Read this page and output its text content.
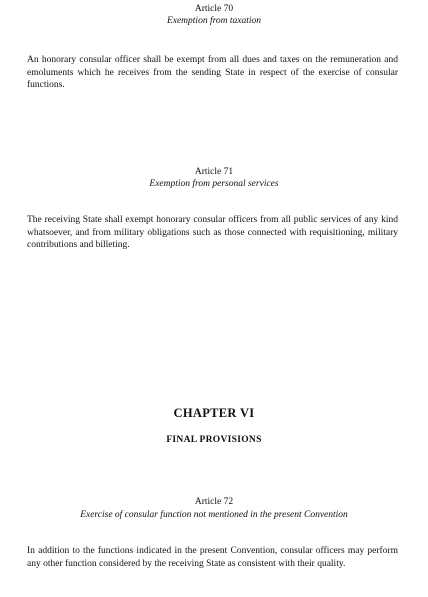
Article 70
Exemption from taxation

An honorary consular officer shall be exempt from all dues and taxes on the remuneration and emoluments which he receives from the sending State in respect of the exercise of consular functions.

Article 71
Exemption from personal services

The receiving State shall exempt honorary consular officers from all public services of any kind whatsoever, and from military obligations such as those connected with requisitioning, military contributions and billeting.

CHAPTER VI
FINAL PROVISIONS
Article 72
Exercise of consular function not mentioned in the present Convention

In addition to the functions indicated in the present Convention, consular officers may perform any other function considered by the receiving State as consistent with their quality.
